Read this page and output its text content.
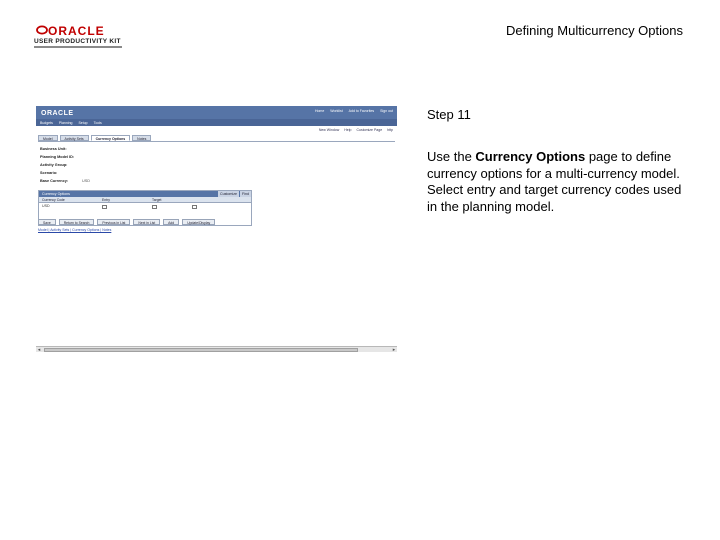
ORACLE
USER PRODUCTIVITY KIT
Defining Multicurrency Options
ORACLE	Home Worklist Add to Favorites Sign out
Budgets Planning Setup Tools
New Window Help Customize Page http
Model	Activity Sets	Currency Options	Notes
Business Unit:
Planning Model ID:
Activity Group:
Scenario:
Base Currency:	USD
Currency Options	Customize	Find
Currency Code	Entry	Target
USD
Save	Return to Search	Previous in List	Next in List	Add	Update/Display
Model | Activity Sets | Currency Options | Notes
◂	▸
Step 11
Use the Currency Options page to define currency options for a multi-currency model. Select entry and target currency codes used in the planning model.
